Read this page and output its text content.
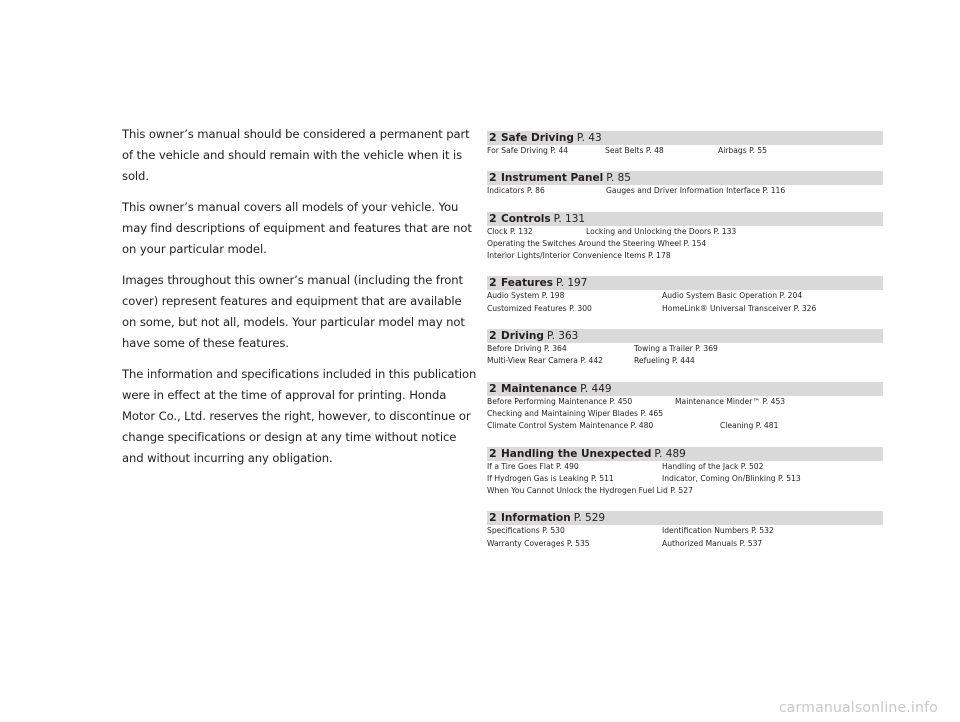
This owner’s manual should be considered a permanent part of the vehicle and should remain with the vehicle when it is sold.

This owner’s manual covers all models of your vehicle. You may find descriptions of equipment and features that are not on your particular model.

Images throughout this owner’s manual (including the front cover) represent features and equipment that are available on some, but not all, models. Your particular model may not have some of these features.

The information and specifications included in this publication were in effect at the time of approval for printing. Honda Motor Co., Ltd. reserves the right, however, to discontinue or change specifications or design at any time without notice and without incurring any obligation.

2 Safe Driving P. 43
For Safe Driving P. 44	Seat Belts P. 48	Airbags P. 55
2 Instrument Panel P. 85
Indicators P. 86	Gauges and Driver Information Interface P. 116
2 Controls P. 131
Clock P. 132	Locking and Unlocking the Doors P. 133
Operating the Switches Around the Steering Wheel P. 154
Interior Lights/Interior Convenience Items P. 178
2 Features P. 197
Audio System P. 198	Audio System Basic Operation P. 204
Customized Features P. 300	HomeLink® Universal Transceiver P. 326
2 Driving P. 363
Before Driving P. 364	Towing a Trailer P. 369
Multi-View Rear Camera P. 442	Refueling P. 444
2 Maintenance P. 449
Before Performing Maintenance P. 450	Maintenance Minder™ P. 453
Checking and Maintaining Wiper Blades P. 465
Climate Control System Maintenance P. 480	Cleaning P. 481
2 Handling the Unexpected P. 489
If a Tire Goes Flat P. 490	Handling of the Jack P. 502
If Hydrogen Gas is Leaking P. 511	Indicator, Coming On/Blinking P. 513
When You Cannot Unlock the Hydrogen Fuel Lid P. 527
2 Information P. 529
Specifications P. 530	Identification Numbers P. 532
Warranty Coverages P. 535	Authorized Manuals P. 537
carmanualsonline.info
